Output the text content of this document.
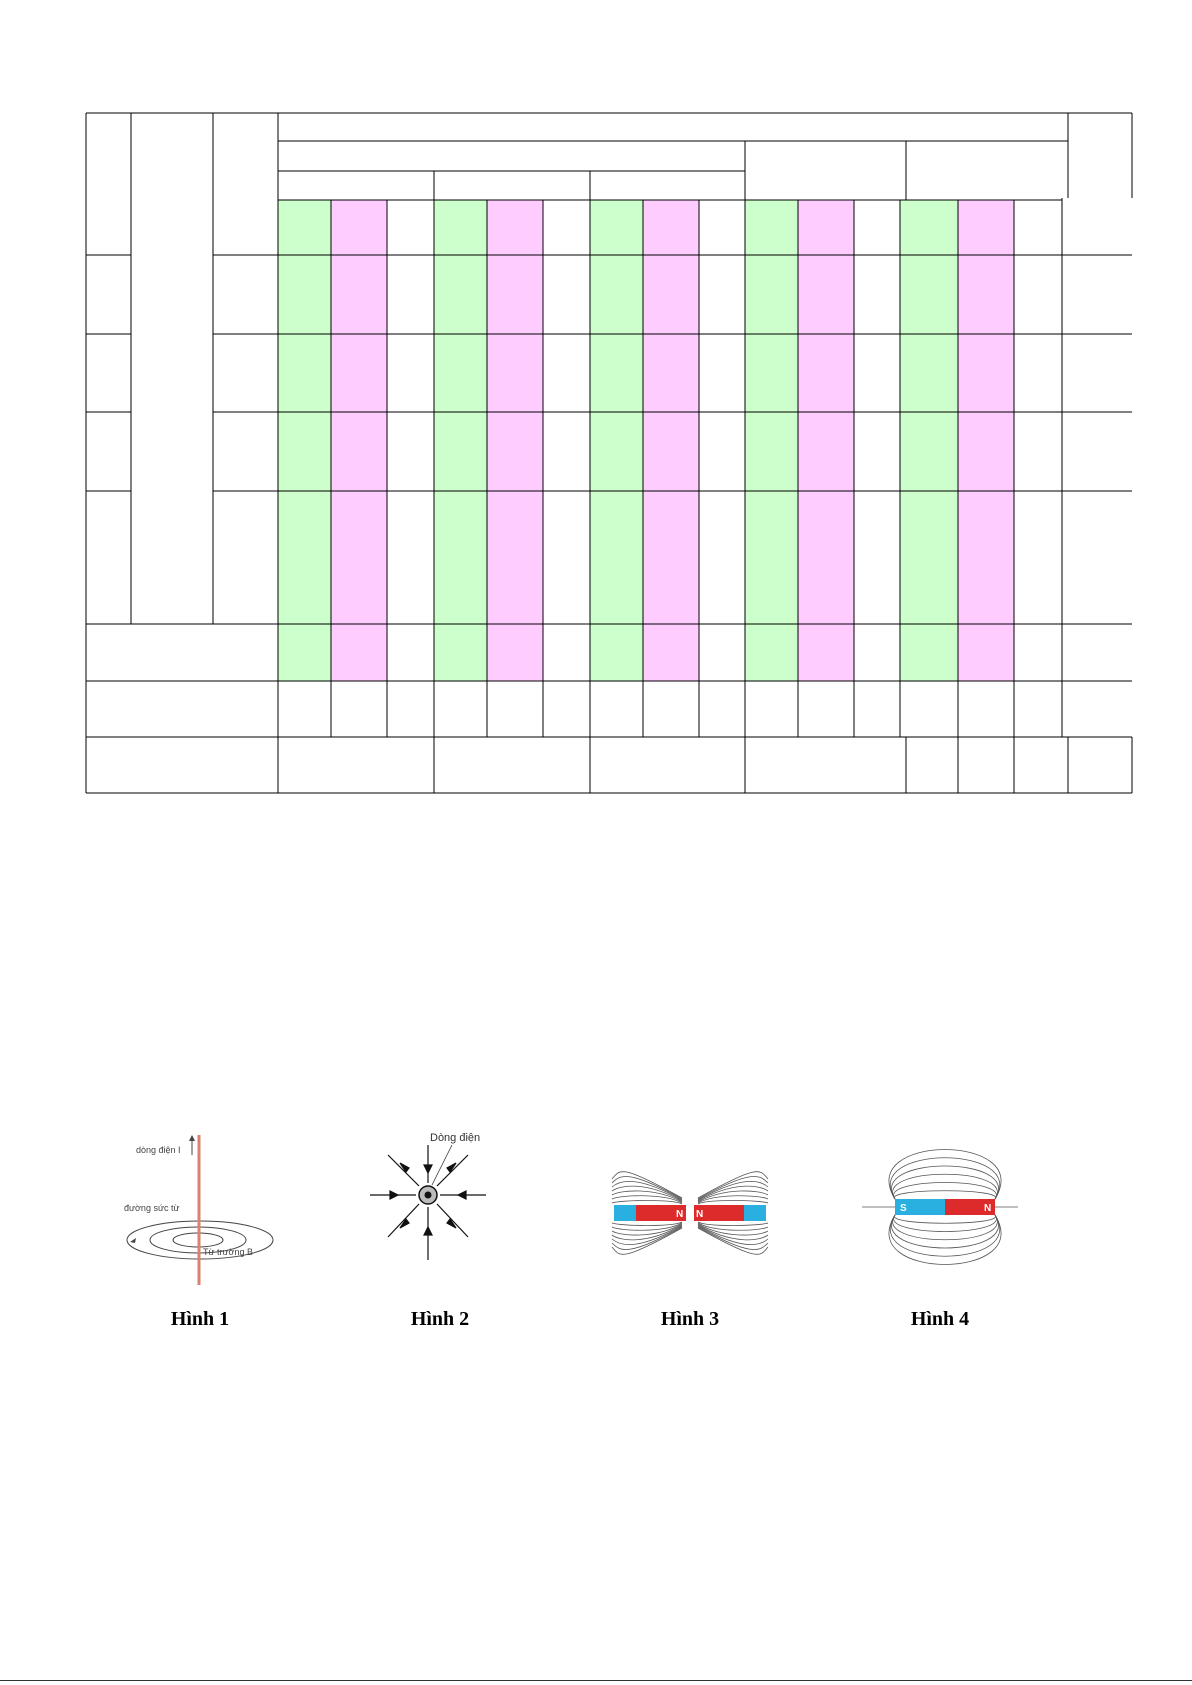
dòng điện I
đường sức từ
Từ trường B
Hình 1
Dòng điện
Hình 2
N N
Hình 3
S	N
Hình 4
